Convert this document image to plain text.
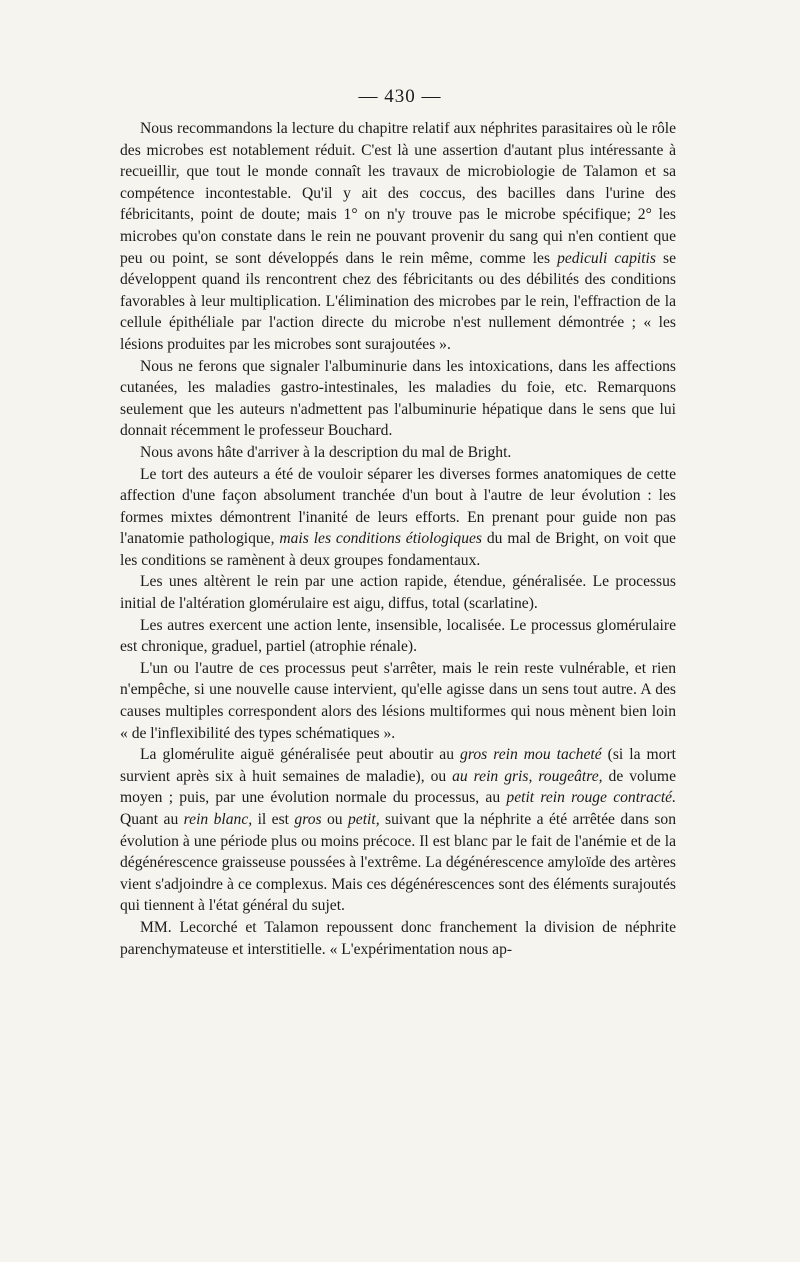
— 430 —

Nous recommandons la lecture du chapitre relatif aux néphrites parasitaires où le rôle des microbes est notablement réduit. C'est là une assertion d'autant plus intéressante à recueillir, que tout le monde connaît les travaux de microbiologie de Talamon et sa compétence incontestable. Qu'il y ait des coccus, des bacilles dans l'urine des fébricitants, point de doute; mais 1° on n'y trouve pas le microbe spécifique; 2° les microbes qu'on constate dans le rein ne pouvant provenir du sang qui n'en contient que peu ou point, se sont développés dans le rein même, comme les pediculi capitis se développent quand ils rencontrent chez des fébricitants ou des débilités des conditions favorables à leur multiplication. L'élimination des microbes par le rein, l'effraction de la cellule épithéliale par l'action directe du microbe n'est nullement démontrée ; « les lésions produites par les microbes sont surajoutées ».

Nous ne ferons que signaler l'albuminurie dans les intoxications, dans les affections cutanées, les maladies gastro-intestinales, les maladies du foie, etc. Remarquons seulement que les auteurs n'admettent pas l'albuminurie hépatique dans le sens que lui donnait récemment le professeur Bouchard.

Nous avons hâte d'arriver à la description du mal de Bright.

Le tort des auteurs a été de vouloir séparer les diverses formes anatomiques de cette affection d'une façon absolument tranchée d'un bout à l'autre de leur évolution : les formes mixtes démontrent l'inanité de leurs efforts. En prenant pour guide non pas l'anatomie pathologique, mais les conditions étiologiques du mal de Bright, on voit que les conditions se ramènent à deux groupes fondamentaux.

Les unes altèrent le rein par une action rapide, étendue, généralisée. Le processus initial de l'altération glomérulaire est aigu, diffus, total (scarlatine).

Les autres exercent une action lente, insensible, localisée. Le processus glomérulaire est chronique, graduel, partiel (atrophie rénale).

L'un ou l'autre de ces processus peut s'arrêter, mais le rein reste vulnérable, et rien n'empêche, si une nouvelle cause intervient, qu'elle agisse dans un sens tout autre. A des causes multiples correspondent alors des lésions multiformes qui nous mènent bien loin « de l'inflexibilité des types schématiques ».

La glomérulite aiguë généralisée peut aboutir au gros rein mou tacheté (si la mort survient après six à huit semaines de maladie), ou au rein gris, rougeâtre, de volume moyen ; puis, par une évolution normale du processus, au petit rein rouge contracté. Quant au rein blanc, il est gros ou petit, suivant que la néphrite a été arrêtée dans son évolution à une période plus ou moins précoce. Il est blanc par le fait de l'anémie et de la dégénérescence graisseuse poussées à l'extrême. La dégénérescence amyloïde des artères vient s'adjoindre à ce complexus. Mais ces dégénérescences sont des éléments surajoutés qui tiennent à l'état général du sujet.

MM. Lecorché et Talamon repoussent donc franchement la division de néphrite parenchymateuse et interstitielle. « L'expérimentation nous ap-
